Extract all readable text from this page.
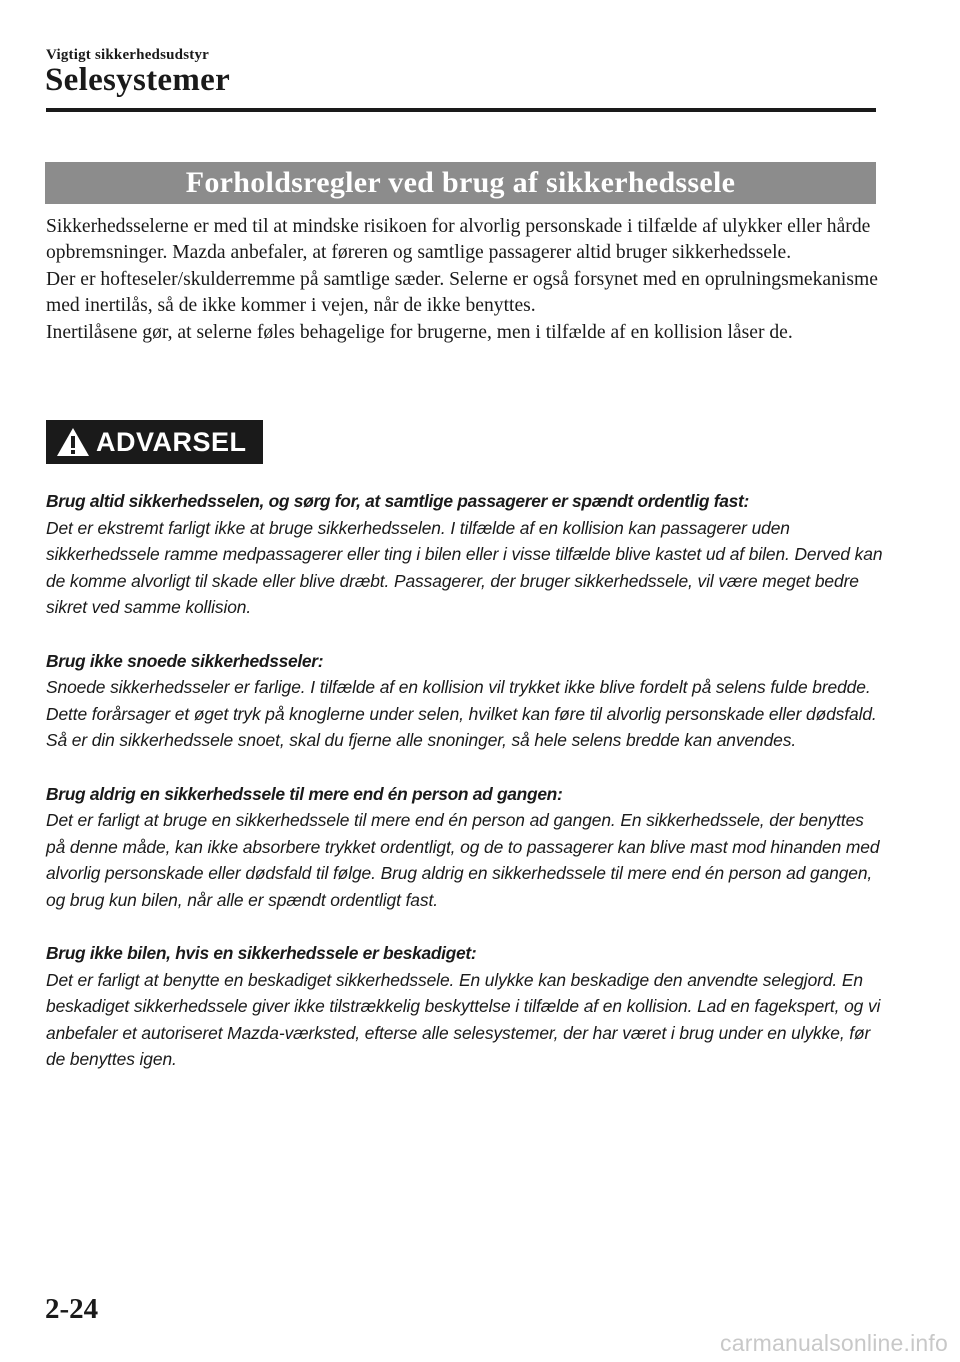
Vigtigt sikkerhedsudstyr
Selesystemer
Forholdsregler ved brug af sikkerhedssele

Sikkerhedsselerne er med til at mindske risikoen for alvorlig personskade i tilfælde af ulykker eller hårde opbremsninger. Mazda anbefaler, at føreren og samtlige passagerer altid bruger sikkerhedssele.

Der er hofteseler/skulderremme på samtlige sæder. Selerne er også forsynet med en oprulningsmekanisme med inertilås, så de ikke kommer i vejen, når de ikke benyttes.

Inertilåsene gør, at selerne føles behagelige for brugerne, men i tilfælde af en kollision låser de.

ADVARSEL
Brug altid sikkerhedsselen, og sørg for, at samtlige passagerer er spændt ordentlig fast:
Det er ekstremt farligt ikke at bruge sikkerhedsselen. I tilfælde af en kollision kan passagerer uden sikkerhedssele ramme medpassagerer eller ting i bilen eller i visse tilfælde blive kastet ud af bilen. Derved kan de komme alvorligt til skade eller blive dræbt. Passagerer, der bruger sikkerhedssele, vil være meget bedre sikret ved samme kollision.
Brug ikke snoede sikkerhedsseler:
Snoede sikkerhedsseler er farlige. I tilfælde af en kollision vil trykket ikke blive fordelt på selens fulde bredde. Dette forårsager et øget tryk på knoglerne under selen, hvilket kan føre til alvorlig personskade eller dødsfald. Så er din sikkerhedssele snoet, skal du fjerne alle snoninger, så hele selens bredde kan anvendes.
Brug aldrig en sikkerhedssele til mere end én person ad gangen:
Det er farligt at bruge en sikkerhedssele til mere end én person ad gangen. En sikkerhedssele, der benyttes på denne måde, kan ikke absorbere trykket ordentligt, og de to passagerer kan blive mast mod hinanden med alvorlig personskade eller dødsfald til følge. Brug aldrig en sikkerhedssele til mere end én person ad gangen, og brug kun bilen, når alle er spændt ordentligt fast.
Brug ikke bilen, hvis en sikkerhedssele er beskadiget:
Det er farligt at benytte en beskadiget sikkerhedssele. En ulykke kan beskadige den anvendte selegjord. En beskadiget sikkerhedssele giver ikke tilstrækkelig beskyttelse i tilfælde af en kollision. Lad en fagekspert, og vi anbefaler et autoriseret Mazda-værksted, efterse alle selesystemer, der har været i brug under en ulykke, før de benyttes igen.
2-24
carmanualsonline.info
